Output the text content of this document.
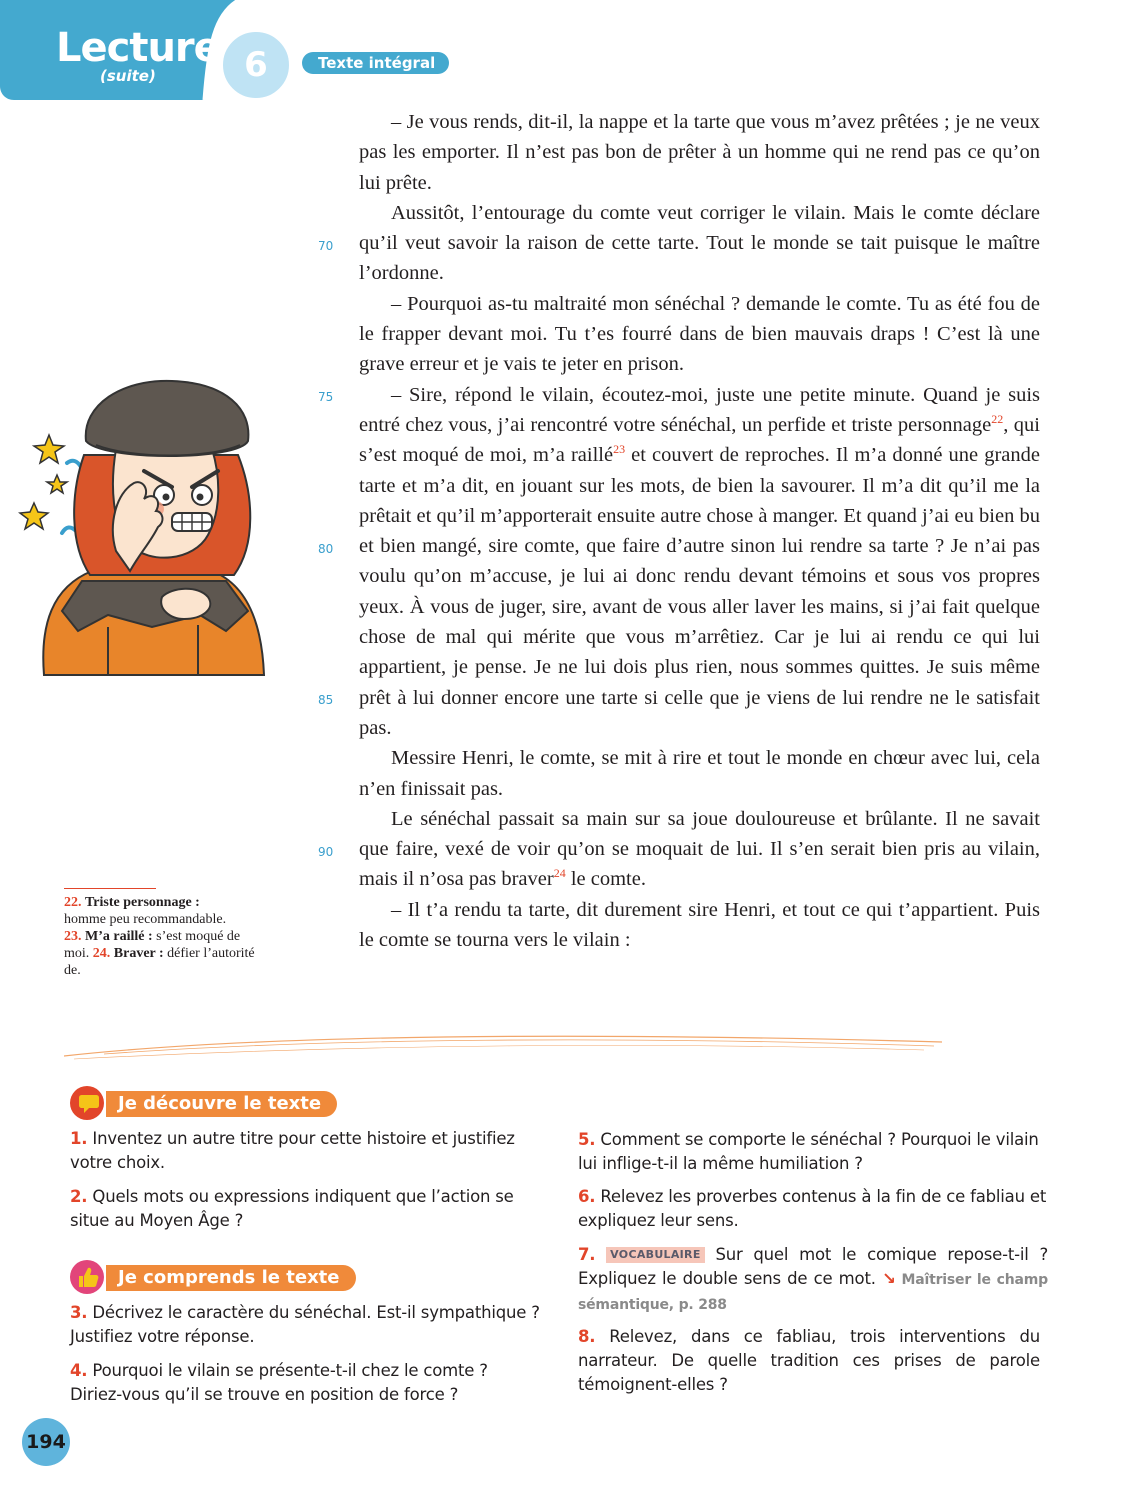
Lecture
(suite)	6	Texte intégral
70
75
80
85
90

– Je vous rends, dit-il, la nappe et la tarte que vous m’avez prêtées ; je ne veux pas les emporter. Il n’est pas bon de prêter à un homme qui ne rend pas ce qu’on lui prête.

Aussitôt, l’entourage du comte veut corriger le vilain. Mais le comte déclare qu’il veut savoir la raison de cette tarte. Tout le monde se tait puisque le maître l’ordonne.

– Pourquoi as-tu maltraité mon sénéchal ? demande le comte. Tu as été fou de le frapper devant moi. Tu t’es fourré dans de bien mauvais draps ! C’est là une grave erreur et je vais te jeter en prison.

– Sire, répond le vilain, écoutez-moi, juste une petite minute. Quand je suis entré chez vous, j’ai rencontré votre sénéchal, un perfide et triste personnage$^{22}$, qui s’est moqué de moi, m’a raillé$^{23}$ et couvert de reproches. Il m’a donné une grande tarte et m’a dit, en jouant sur les mots, de bien la savourer. Il m’a dit qu’il me la prêtait et qu’il m’apporterait ensuite autre chose à manger. Et quand j’ai eu bien bu et bien mangé, sire comte, que faire d’autre sinon lui rendre sa tarte ? Je n’ai pas voulu qu’on m’accuse, je lui ai donc rendu devant témoins et sous vos propres yeux. À vous de juger, sire, avant de vous aller laver les mains, si j’ai fait quelque chose de mal qui mérite que vous m’arrêtiez. Car je lui ai rendu ce qui lui appartient, je pense. Je ne lui dois plus rien, nous sommes quittes. Je suis même prêt à lui donner encore une tarte si celle que je viens de lui rendre ne le satisfait pas.

Messire Henri, le comte, se mit à rire et tout le monde en chœur avec lui, cela n’en finissait pas.

Le sénéchal passait sa main sur sa joue douloureuse et brûlante. Il ne savait que faire, vexé de voir qu’on se moquait de lui. Il s’en serait bien pris au vilain, mais il n’osa pas braver$^{24}$ le comte.

– Il t’a rendu ta tarte, dit durement sire Henri, et tout ce qui t’appartient. Puis le comte se tourna vers le vilain :

22. Triste personnage :
homme peu recommandable.
23. M’a raillé : s’est moqué de moi. 24. Braver : défier l’autorité de.
Je découvre le texte
1. Inventez un autre titre pour cette histoire et justifiez votre choix.
2. Quels mots ou expressions indiquent que l’action se situe au Moyen Âge ?
Je comprends le texte
3. Décrivez le caractère du sénéchal. Est-il sympathique ? Justifiez votre réponse.
4. Pourquoi le vilain se présente-t-il chez le comte ? Diriez-vous qu’il se trouve en position de force ?
5. Comment se comporte le sénéchal ? Pourquoi le vilain lui inflige-t-il la même humiliation ?
6. Relevez les proverbes contenus à la fin de ce fabliau et expliquez leur sens.
7. VOCABULAIRE Sur quel mot le comique repose-t-il ? Expliquez le double sens de ce mot. ↘ Maîtriser le champ sémantique, p. 288
8. Relevez, dans ce fabliau, trois interventions du narrateur. De quelle tradition ces prises de parole témoignent-elles ?
194
